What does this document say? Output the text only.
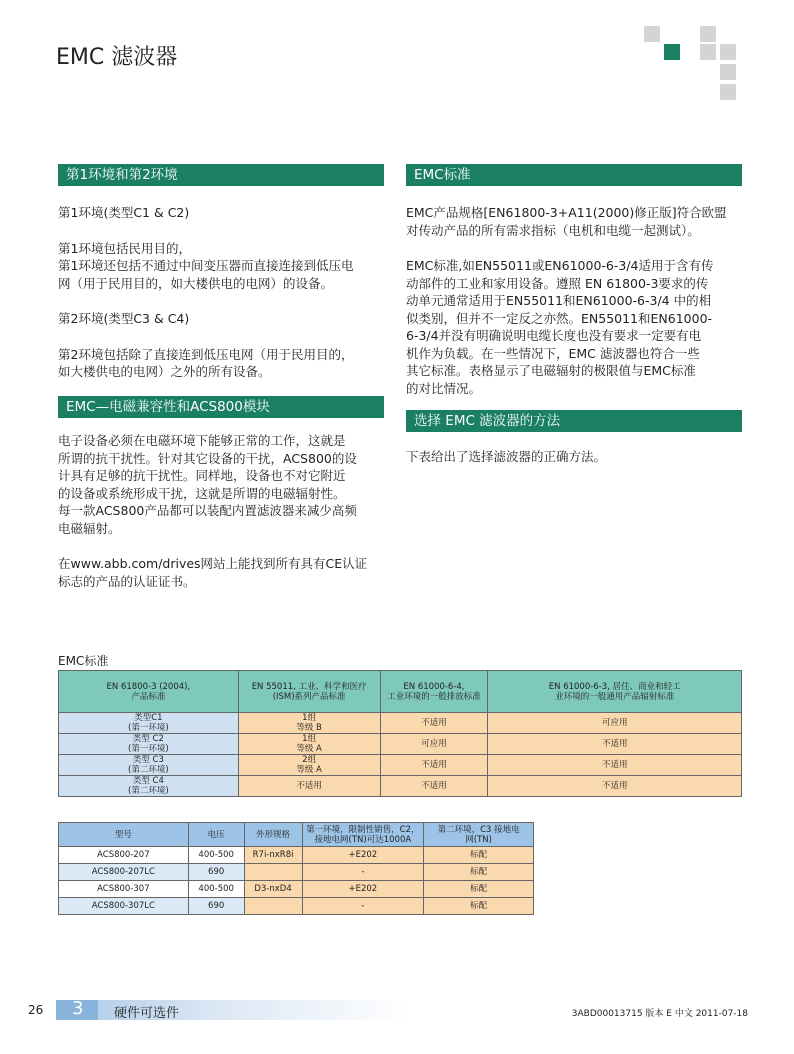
EMC 滤波器
第1环境和第2环境

第1环境(类型C1 & C2)

第1环境包括民用目的，

第1环境还包括不通过中间变压器而直接连接到低压电

网（用于民用目的，如大楼供电的电网）的设备。

第2环境(类型C3 & C4)

第2环境包括除了直接连到低压电网（用于民用目的，

如大楼供电的电网）之外的所有设备。

EMC—电磁兼容性和ACS800模块

电子设备必须在电磁环境下能够正常的工作，这就是

所谓的抗干扰性。针对其它设备的干扰，ACS800的设

计具有足够的抗干扰性。同样地，设备也不对它附近

的设备或系统形成干扰，这就是所谓的电磁辐射性。

每一款ACS800产品都可以装配内置滤波器来减少高频

电磁辐射。

在www.abb.com/drives网站上能找到所有具有CE认证

标志的产品的认证证书。

EMC标准

EMC产品规格[EN61800-3+A11(2000)修正版]符合欧盟

对传动产品的所有需求指标（电机和电缆一起测试）。

EMC标准,如EN55011或EN61000-6-3/4适用于含有传

动部件的工业和家用设备。遵照 EN 61800-3要求的传

动单元通常适用于EN55011和EN61000-6-3/4 中的相

似类别，但并不一定反之亦然。EN55011和EN61000-

6-3/4并没有明确说明电缆长度也没有要求一定要有电

机作为负载。在一些情况下，EMC 滤波器也符合一些

其它标准。表格显示了电磁辐射的极限值与EMC标准

的对比情况。

选择 EMC 滤波器的方法
下表给出了选择滤波器的正确方法。
EMC标准
EN 61800-3 (2004),
产品标准	EN 55011, 工业、科学和医疗
(ISM)系列产品标准	EN 61000-6-4,
工业环境的一般排放标准	EN 61000-6-3, 居住、商业和轻工
业环境的一般通用产品辐射标准
类型C1
(第一环境)	1组
等级 B	不适用	可应用
类型 C2
(第一环境)	1组
等级 A	可应用	不适用
类型 C3
(第二环境)	2组
等级 A	不适用	不适用
类型 C4
(第二环境)	不适用	不适用	不适用
型号	电压	外形规格	第一环境，限制性销售，C2，
接地电网(TN)可达1000A	第二环境，C3 接地电
网(TN)
ACS800-207	400-500	R7i-nxR8i	+E202	标配
ACS800-207LC	690		-	标配
ACS800-307	400-500	D3-nxD4	+E202	标配
ACS800-307LC	690		-	标配
26 3 硬件可选件	3ABD00013715 版本 E 中文 2011-07-18
